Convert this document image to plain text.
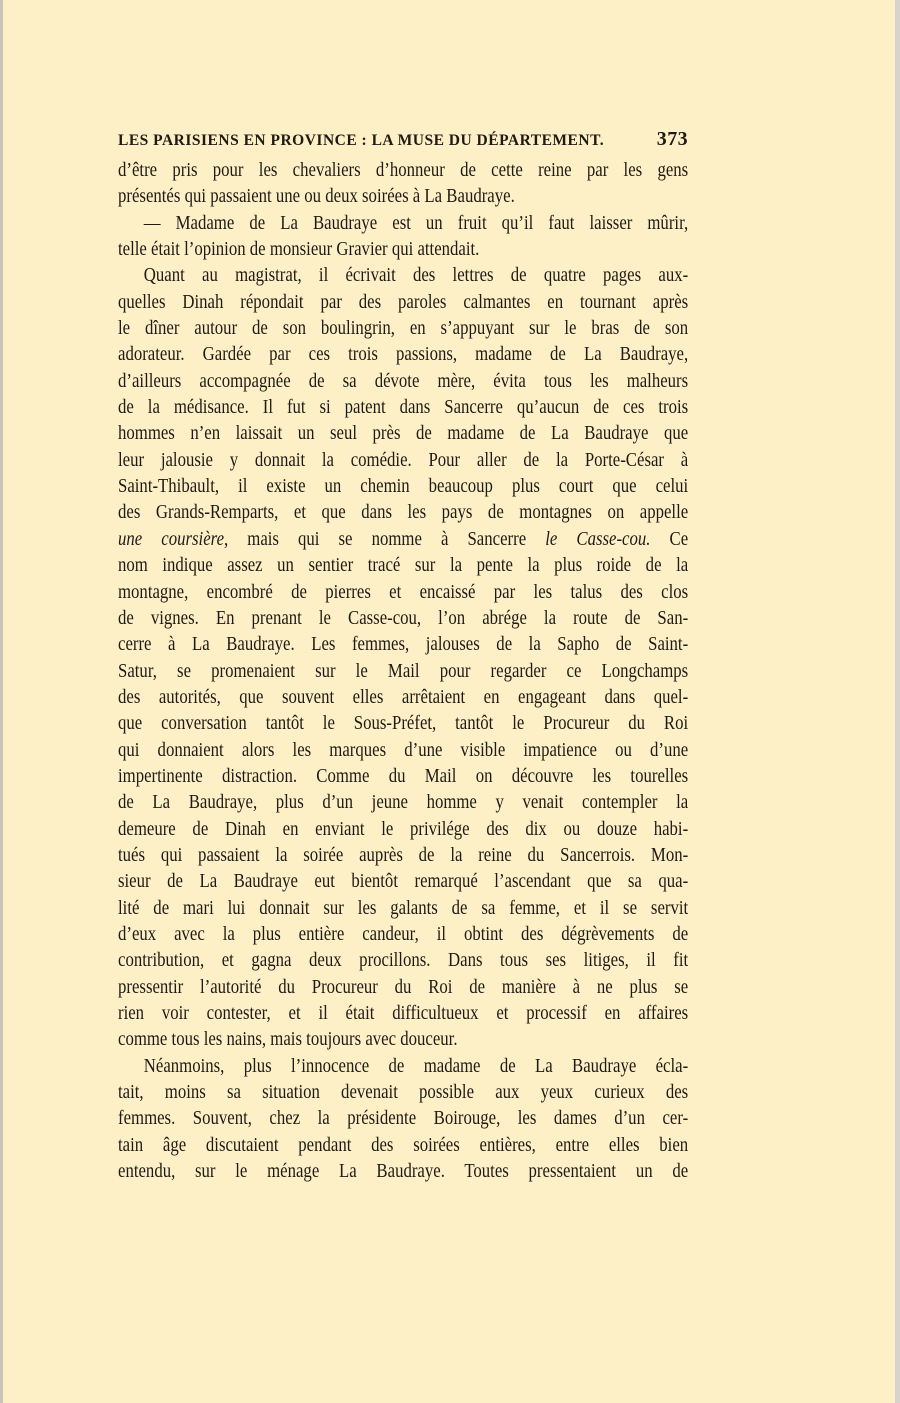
LES PARISIENS EN PROVINCE : LA MUSE DU DÉPARTEMENT.	373
d’être pris pour les chevaliers d’honneur de cette reine par les gens
présentés qui passaient une ou deux soirées à La Baudraye.
— Madame de La Baudraye est un fruit qu’il faut laisser mûrir,
telle était l’opinion de monsieur Gravier qui attendait.
Quant au magistrat, il écrivait des lettres de quatre pages aux-
quelles Dinah répondait par des paroles calmantes en tournant après
le dîner autour de son boulingrin, en s’appuyant sur le bras de son
adorateur. Gardée par ces trois passions, madame de La Baudraye,
d’ailleurs accompagnée de sa dévote mère, évita tous les malheurs
de la médisance. Il fut si patent dans Sancerre qu’aucun de ces trois
hommes n’en laissait un seul près de madame de La Baudraye que
leur jalousie y donnait la comédie. Pour aller de la Porte-César à
Saint-Thibault, il existe un chemin beaucoup plus court que celui
des Grands-Remparts, et que dans les pays de montagnes on appelle
une coursière, mais qui se nomme à Sancerre le Casse-cou. Ce
nom indique assez un sentier tracé sur la pente la plus roide de la
montagne, encombré de pierres et encaissé par les talus des clos
de vignes. En prenant le Casse-cou, l’on abrége la route de San-
cerre à La Baudraye. Les femmes, jalouses de la Sapho de Saint-
Satur, se promenaient sur le Mail pour regarder ce Longchamps
des autorités, que souvent elles arrêtaient en engageant dans quel-
que conversation tantôt le Sous-Préfet, tantôt le Procureur du Roi
qui donnaient alors les marques d’une visible impatience ou d’une
impertinente distraction. Comme du Mail on découvre les tourelles
de La Baudraye, plus d’un jeune homme y venait contempler la
demeure de Dinah en enviant le privilége des dix ou douze habi-
tués qui passaient la soirée auprès de la reine du Sancerrois. Mon-
sieur de La Baudraye eut bientôt remarqué l’ascendant que sa qua-
lité de mari lui donnait sur les galants de sa femme, et il se servit
d’eux avec la plus entière candeur, il obtint des dégrèvements de
contribution, et gagna deux procillons. Dans tous ses litiges, il fit
pressentir l’autorité du Procureur du Roi de manière à ne plus se
rien voir contester, et il était difficultueux et processif en affaires
comme tous les nains, mais toujours avec douceur.
Néanmoins, plus l’innocence de madame de La Baudraye écla-
tait, moins sa situation devenait possible aux yeux curieux des
femmes. Souvent, chez la présidente Boirouge, les dames d’un cer-
tain âge discutaient pendant des soirées entières, entre elles bien
entendu, sur le ménage La Baudraye. Toutes pressentaient un de
